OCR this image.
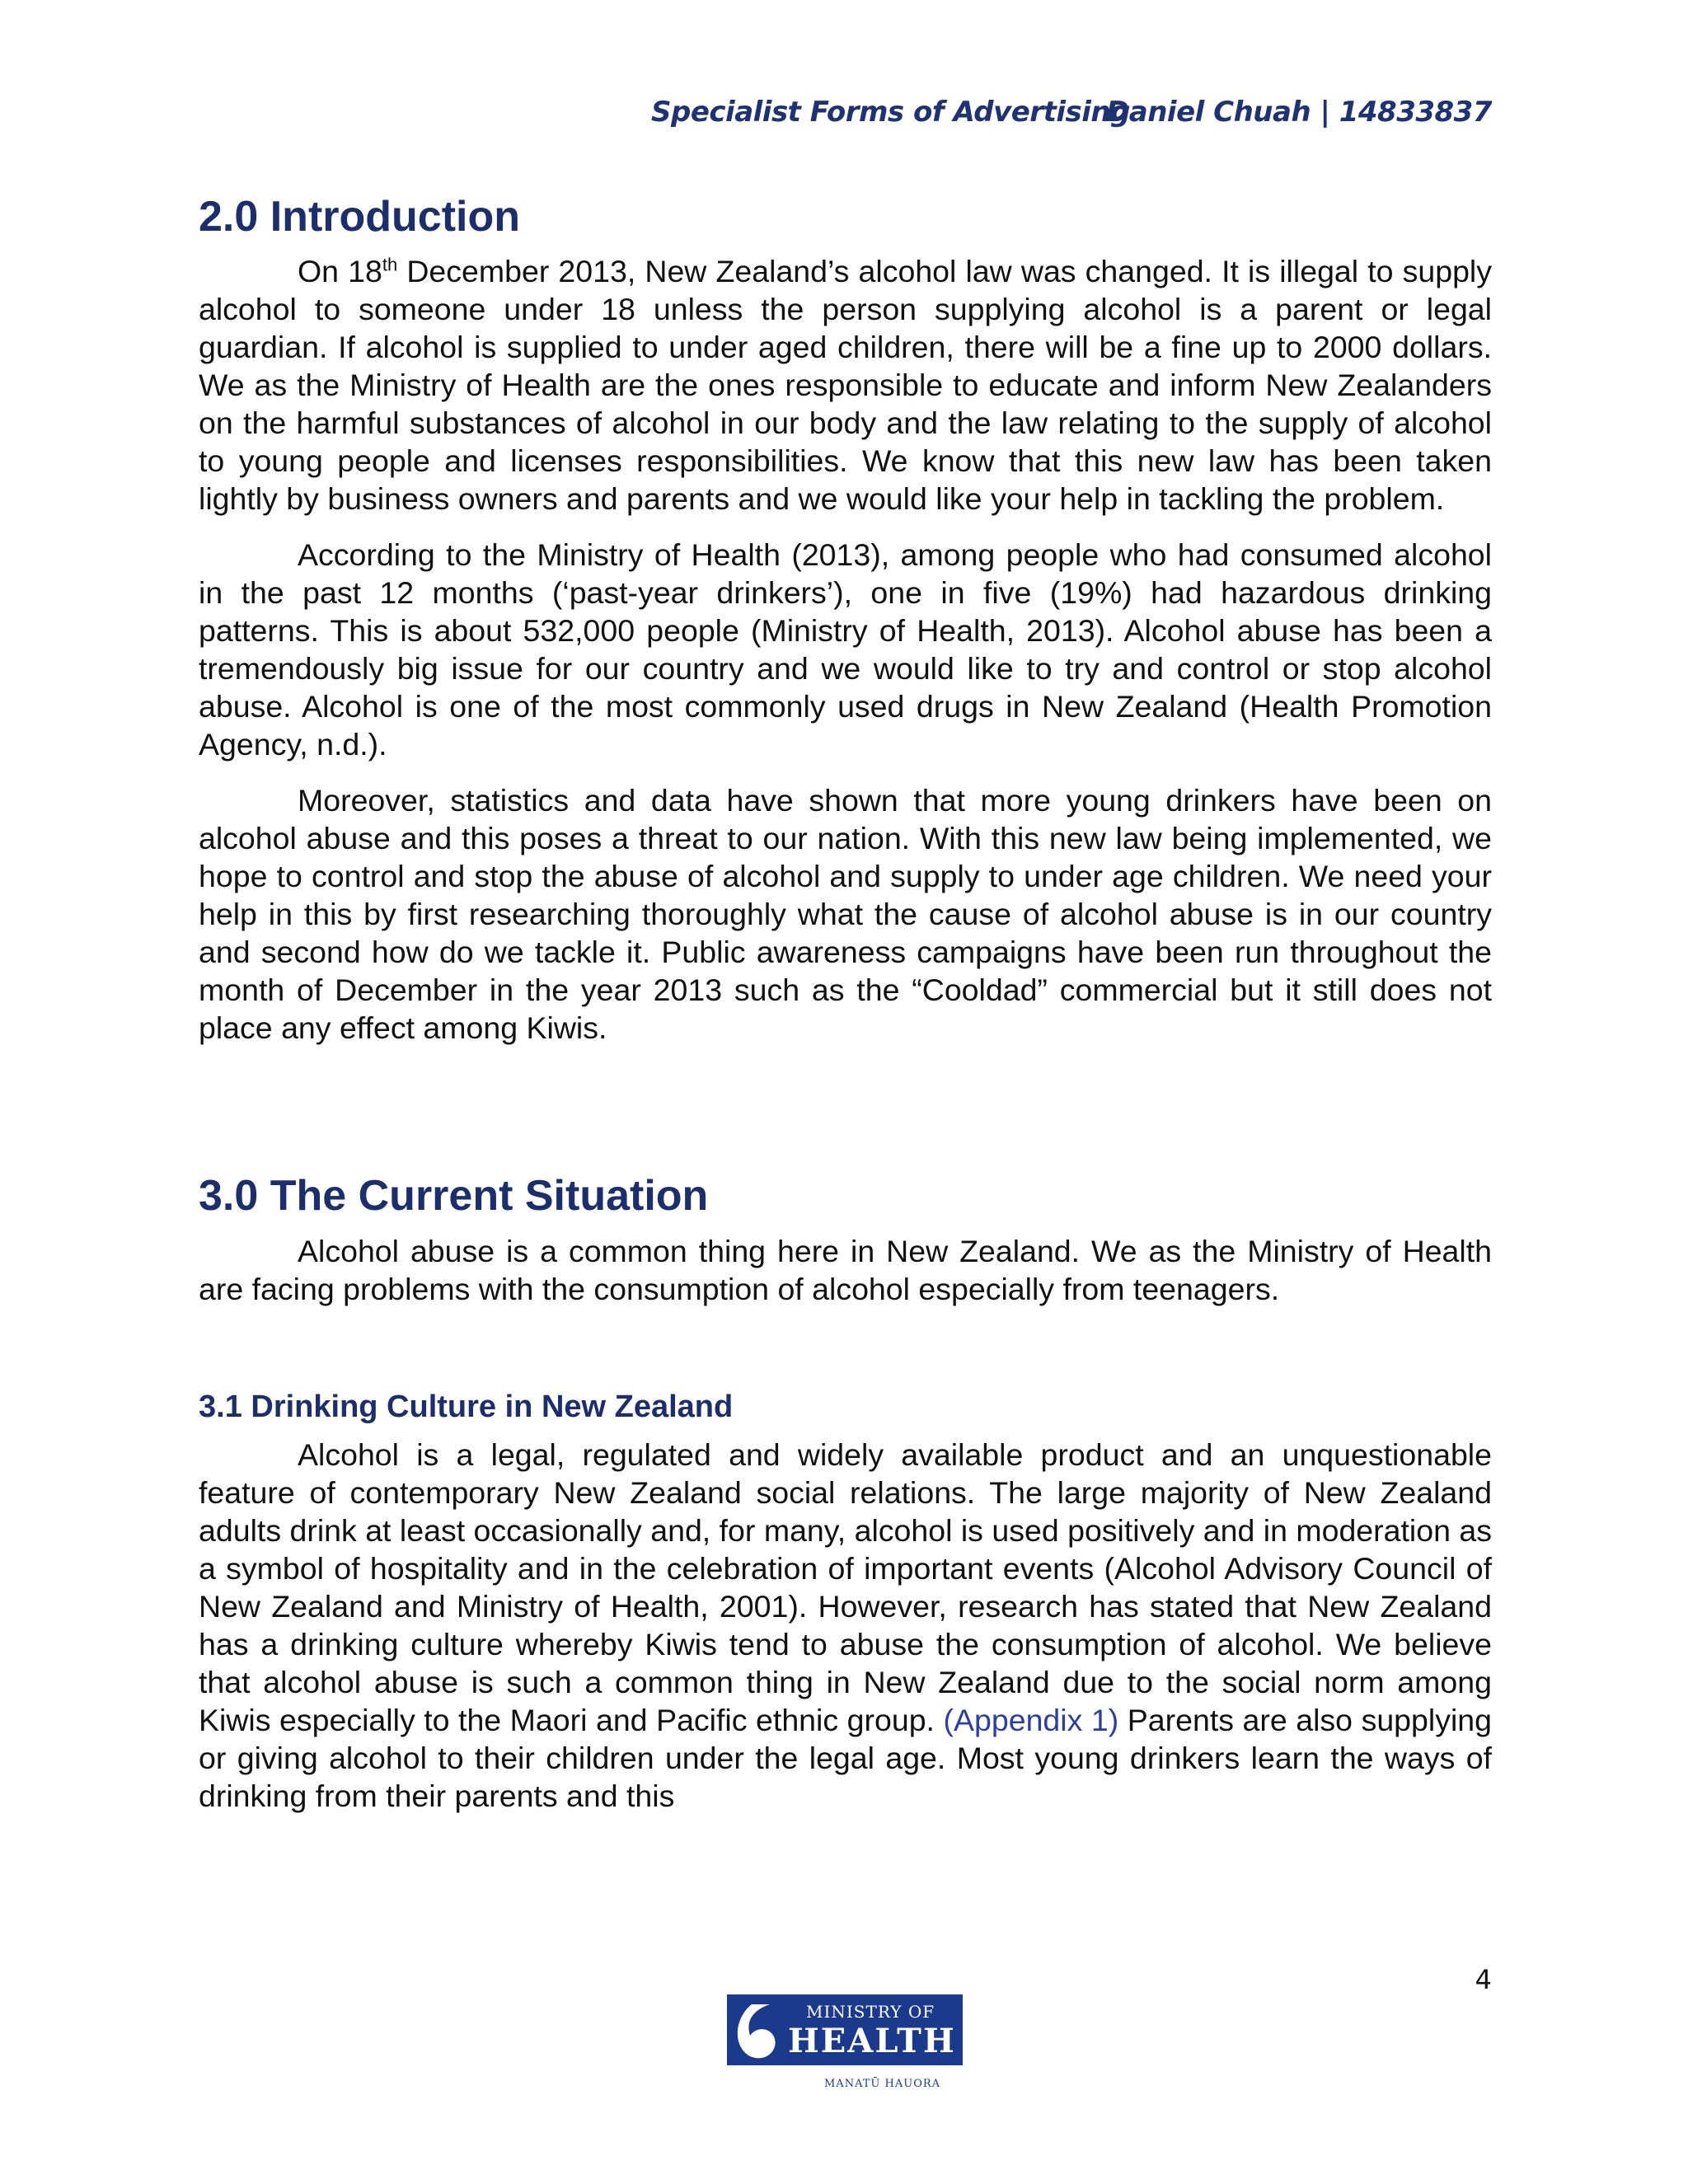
Specialist Forms of Advertising
Daniel Chuah | 14833837
2.0 Introduction

On 18th December 2013, New Zealand’s alcohol law was changed. It is illegal to supply alcohol to someone under 18 unless the person supplying alcohol is a parent or legal guardian. If alcohol is supplied to under aged children, there will be a fine up to 2000 dollars. We as the Ministry of Health are the ones responsible to educate and inform New Zealanders on the harmful substances of alcohol in our body and the law relating to the supply of alcohol to young people and licenses responsibilities. We know that this new law has been taken lightly by business owners and parents and we would like your help in tackling the problem.

According to the Ministry of Health (2013), among people who had consumed alcohol in the past 12 months (‘past-year drinkers’), one in five (19%) had hazardous drinking patterns. This is about 532,000 people (Ministry of Health, 2013). Alcohol abuse has been a tremendously big issue for our country and we would like to try and control or stop alcohol abuse. Alcohol is one of the most commonly used drugs in New Zealand (Health Promotion Agency, n.d.).

Moreover, statistics and data have shown that more young drinkers have been on alcohol abuse and this poses a threat to our nation. With this new law being implemented, we hope to control and stop the abuse of alcohol and supply to under age children. We need your help in this by first researching thoroughly what the cause of alcohol abuse is in our country and second how do we tackle it. Public awareness campaigns have been run throughout the month of December in the year 2013 such as the “Cooldad” commercial but it still does not place any effect among Kiwis.

3.0 The Current Situation

Alcohol abuse is a common thing here in New Zealand. We as the Ministry of Health are facing problems with the consumption of alcohol especially from teenagers.

3.1 Drinking Culture in New Zealand

Alcohol is a legal, regulated and widely available product and an unquestionable feature of contemporary New Zealand social relations. The large majority of New Zealand adults drink at least occasionally and, for many, alcohol is used positively and in moderation as a symbol of hospitality and in the celebration of important events (Alcohol Advisory Council of New Zealand and Ministry of Health, 2001). However, research has stated that New Zealand has a drinking culture whereby Kiwis tend to abuse the consumption of alcohol. We believe that alcohol abuse is such a common thing in New Zealand due to the social norm among Kiwis especially to the Maori and Pacific ethnic group. (Appendix 1) Parents are also supplying or giving alcohol to their children under the legal age. Most young drinkers learn the ways of drinking from their parents and this

4
MINISTRY OF
HEALTH
MANATŪ HAUORA
